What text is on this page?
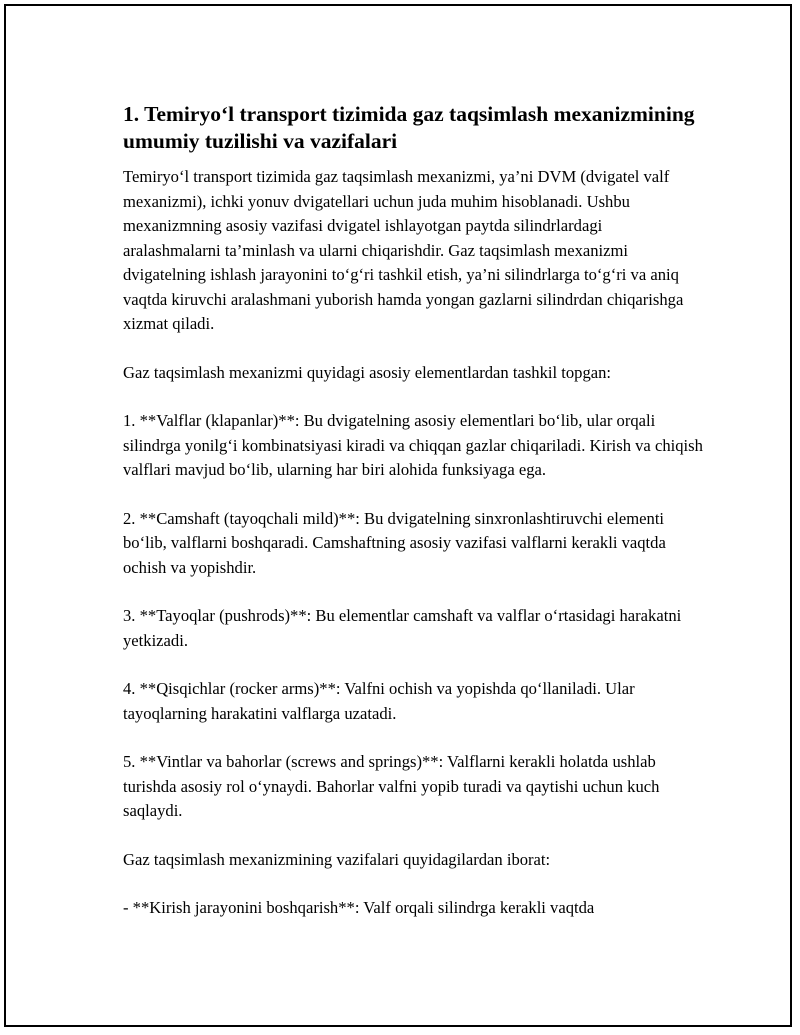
1. Temiryo‘l transport tizimida gaz taqsimlash mexanizmining umumiy tuzilishi va vazifalari

Temiryo‘l transport tizimida gaz taqsimlash mexanizmi, ya’ni DVM (dvigatel valf mexanizmi), ichki yonuv dvigatellari uchun juda muhim hisoblanadi. Ushbu mexanizmning asosiy vazifasi dvigatel ishlayotgan paytda silindrlardagi aralashmalarni ta’minlash va ularni chiqarishdir. Gaz taqsimlash mexanizmi dvigatelning ishlash jarayonini to‘g‘ri tashkil etish, ya’ni silindrlarga to‘g‘ri va aniq vaqtda kiruvchi aralashmani yuborish hamda yongan gazlarni silindrdan chiqarishga xizmat qiladi.

Gaz taqsimlash mexanizmi quyidagi asosiy elementlardan tashkil topgan:

1. **Valflar (klapanlar)**: Bu dvigatelning asosiy elementlari bo‘lib, ular orqali silindrga yonilg‘i kombinatsiyasi kiradi va chiqqan gazlar chiqariladi. Kirish va chiqish valflari mavjud bo‘lib, ularning har biri alohida funksiyaga ega.

2. **Camshaft (tayoqchali mild)**: Bu dvigatelning sinxronlashtiruvchi elementi bo‘lib, valflarni boshqaradi. Camshaftning asosiy vazifasi valflarni kerakli vaqtda ochish va yopishdir.

3. **Tayoqlar (pushrods)**: Bu elementlar camshaft va valflar o‘rtasidagi harakatni yetkizadi.

4. **Qisqichlar (rocker arms)**: Valfni ochish va yopishda qo‘llaniladi. Ular tayoqlarning harakatini valflarga uzatadi.

5. **Vintlar va bahorlar (screws and springs)**: Valflarni kerakli holatda ushlab turishda asosiy rol o‘ynaydi. Bahorlar valfni yopib turadi va qaytishi uchun kuch saqlaydi.

Gaz taqsimlash mexanizmining vazifalari quyidagilardan iborat:

- **Kirish jarayonini boshqarish**: Valf orqali silindrga kerakli vaqtda
